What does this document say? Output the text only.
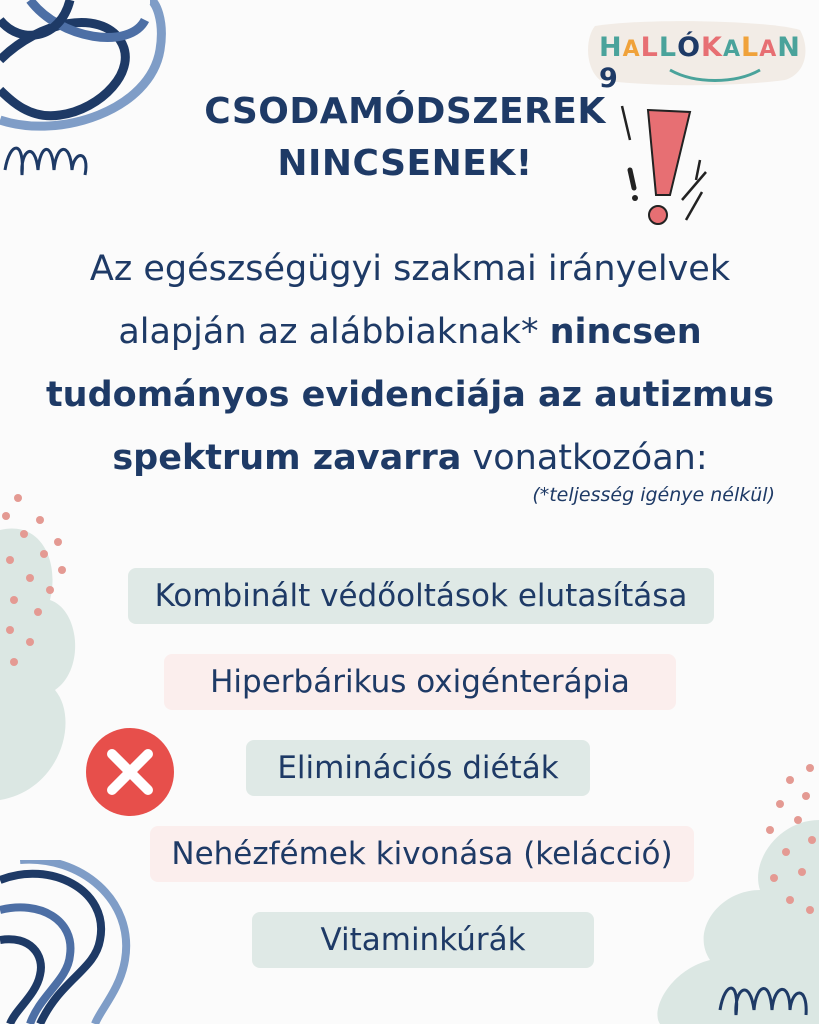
HALLÓKALAN9
CSODAMÓDSZEREK
NINCSENEK!
Az egészségügyi szakmai irányelvek alapján az alábbiaknak* nincsen tudományos evidenciája az autizmus spektrum zavarra vonatkozóan:
(*teljesség igénye nélkül)
Kombinált védőoltások elutasítása
Hiperbárikus oxigénterápia
Eliminációs diéták
Nehézfémek kivonása (kelácció)
Vitaminkúrák
